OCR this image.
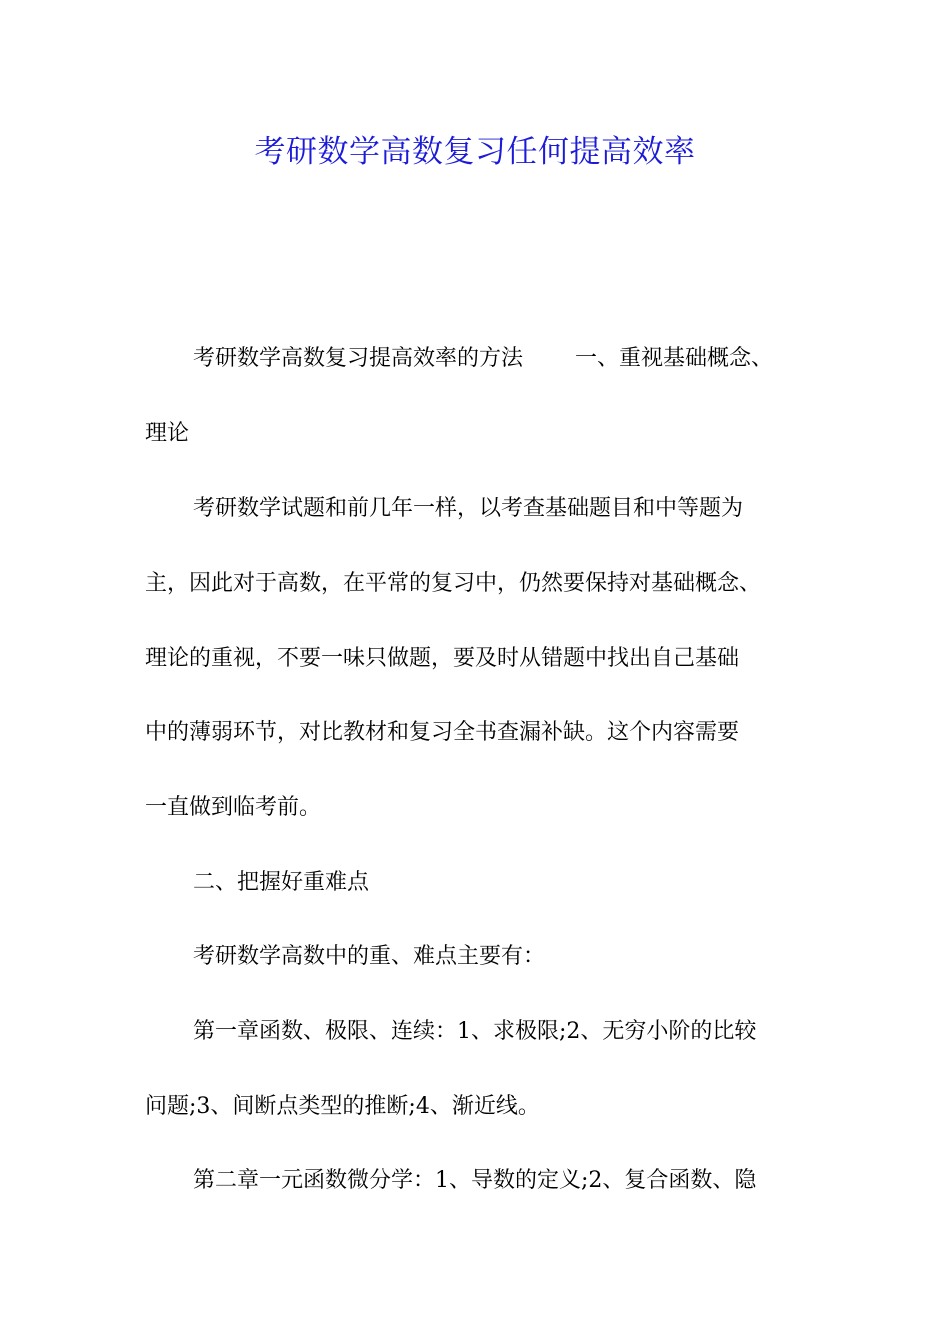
考研数学高数复习任何提高效率
考研数学高数复习提高效率的方法 一、重视基础概念、
理论
考研数学试题和前几年一样，以考查基础题目和中等题为
主，因此对于高数，在平常的复习中，仍然要保持对基础概念、
理论的重视，不要一味只做题，要及时从错题中找出自己基础
中的薄弱环节，对比教材和复习全书查漏补缺。这个内容需要
一直做到临考前。
二、把握好重难点
考研数学高数中的重、难点主要有：
第一章函数、极限、连续：1、求极限;2、无穷小阶的比较
问题;3、间断点类型的推断;4、渐近线。
第二章一元函数微分学：1、导数的定义;2、复合函数、隐
